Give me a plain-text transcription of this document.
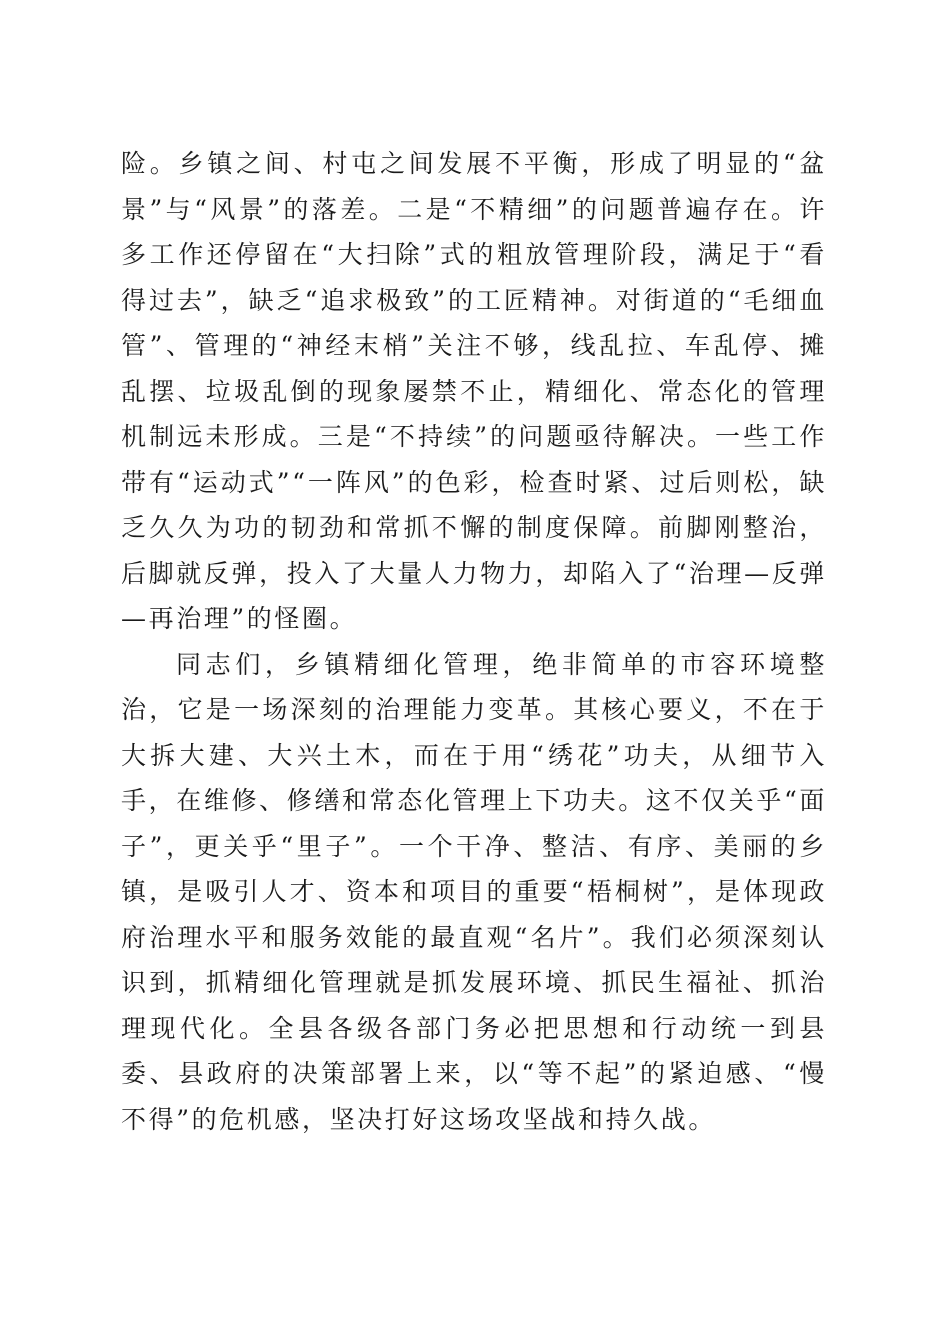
险。乡镇之间、村屯之间发展不平衡，形成了明显的“盆景”与“风景”的落差。二是“不精细”的问题普遍存在。许多工作还停留在“大扫除”式的粗放管理阶段，满足于“看得过去”，缺乏“追求极致”的工匠精神。对街道的“毛细血管”、管理的“神经末梢”关注不够，线乱拉、车乱停、摊乱摆、垃圾乱倒的现象屡禁不止，精细化、常态化的管理机制远未形成。三是“不持续”的问题亟待解决。一些工作带有“运动式”“一阵风”的色彩，检查时紧、过后则松，缺乏久久为功的韧劲和常抓不懈的制度保障。前脚刚整治，后脚就反弹，投入了大量人力物力，却陷入了“治理—反弹—再治理”的怪圈。

同志们，乡镇精细化管理，绝非简单的市容环境整治，它是一场深刻的治理能力变革。其核心要义，不在于大拆大建、大兴土木，而在于用“绣花”功夫，从细节入手，在维修、修缮和常态化管理上下功夫。这不仅关乎“面子”，更关乎“里子”。一个干净、整洁、有序、美丽的乡镇，是吸引人才、资本和项目的重要“梧桐树”，是体现政府治理水平和服务效能的最直观“名片”。我们必须深刻认识到，抓精细化管理就是抓发展环境、抓民生福祉、抓治理现代化。全县各级各部门务必把思想和行动统一到县委、县政府的决策部署上来，以“等不起”的紧迫感、“慢不得”的危机感，坚决打好这场攻坚战和持久战。
